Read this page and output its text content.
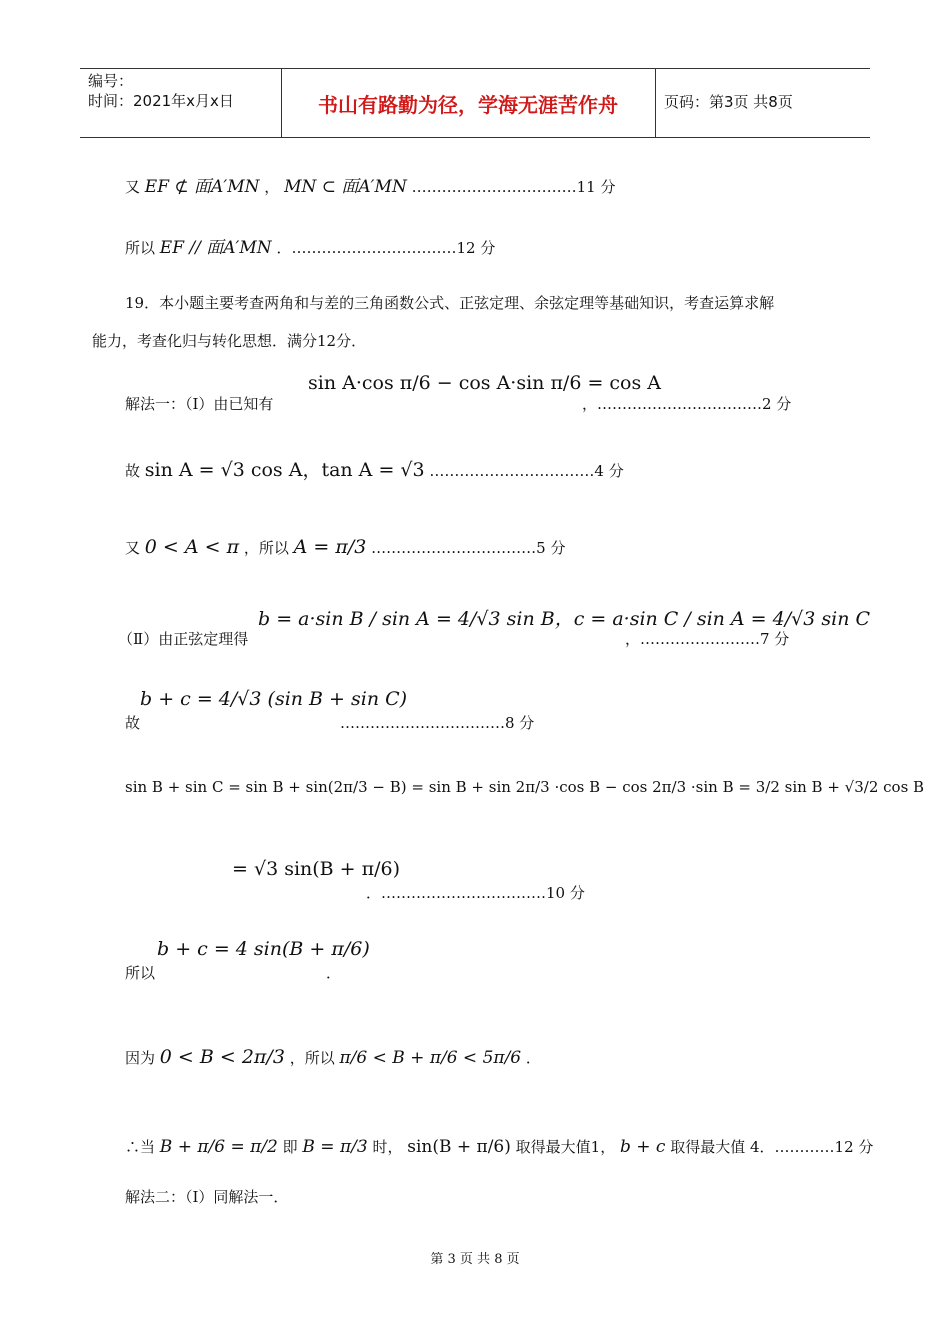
编号：
时间：2021年x月x日	书山有路勤为径，学海无涯苦作舟	页码：第3页 共8页
又 EF ⊄ 面A′MN ， MN ⊂ 面A′MN ……………………………11 分
所以 EF // 面A′MN ．……………………………12 分
19．本小题主要考查两角和与差的三角函数公式、正弦定理、余弦定理等基础知识，考查运算求解
能力，考查化归与转化思想．满分12分．
解法一：（Ⅰ）由已知有
sin A·cos π/6 − cos A·sin π/6 = cos A
，……………………………2 分
故 sin A = √3 cos A，tan A = √3 ……………………………4 分
又 0 < A < π ，所以 A = π/3 ……………………………5 分
（Ⅱ）由正弦定理得
b = a·sin B / sin A = 4/√3 sin B，c = a·sin C / sin A = 4/√3 sin C
，……………………7 分
故
b + c = 4/√3 (sin B + sin C)
……………………………8 分
sin B + sin C = sin B + sin(2π/3 − B) = sin B + sin 2π/3 ·cos B − cos 2π/3 ·sin B = 3/2 sin B + √3/2 cos B
= √3 sin(B + π/6)
．……………………………10 分
所以
b + c = 4 sin(B + π/6)
．
因为 0 < B < 2π/3 ，所以 π/6 < B + π/6 < 5π/6 ．
∴当 B + π/6 = π/2 即 B = π/3 时， sin(B + π/6) 取得最大值1， b + c 取得最大值 4．…………12 分
解法二：（Ⅰ）同解法一．
第 3 页 共 8 页
